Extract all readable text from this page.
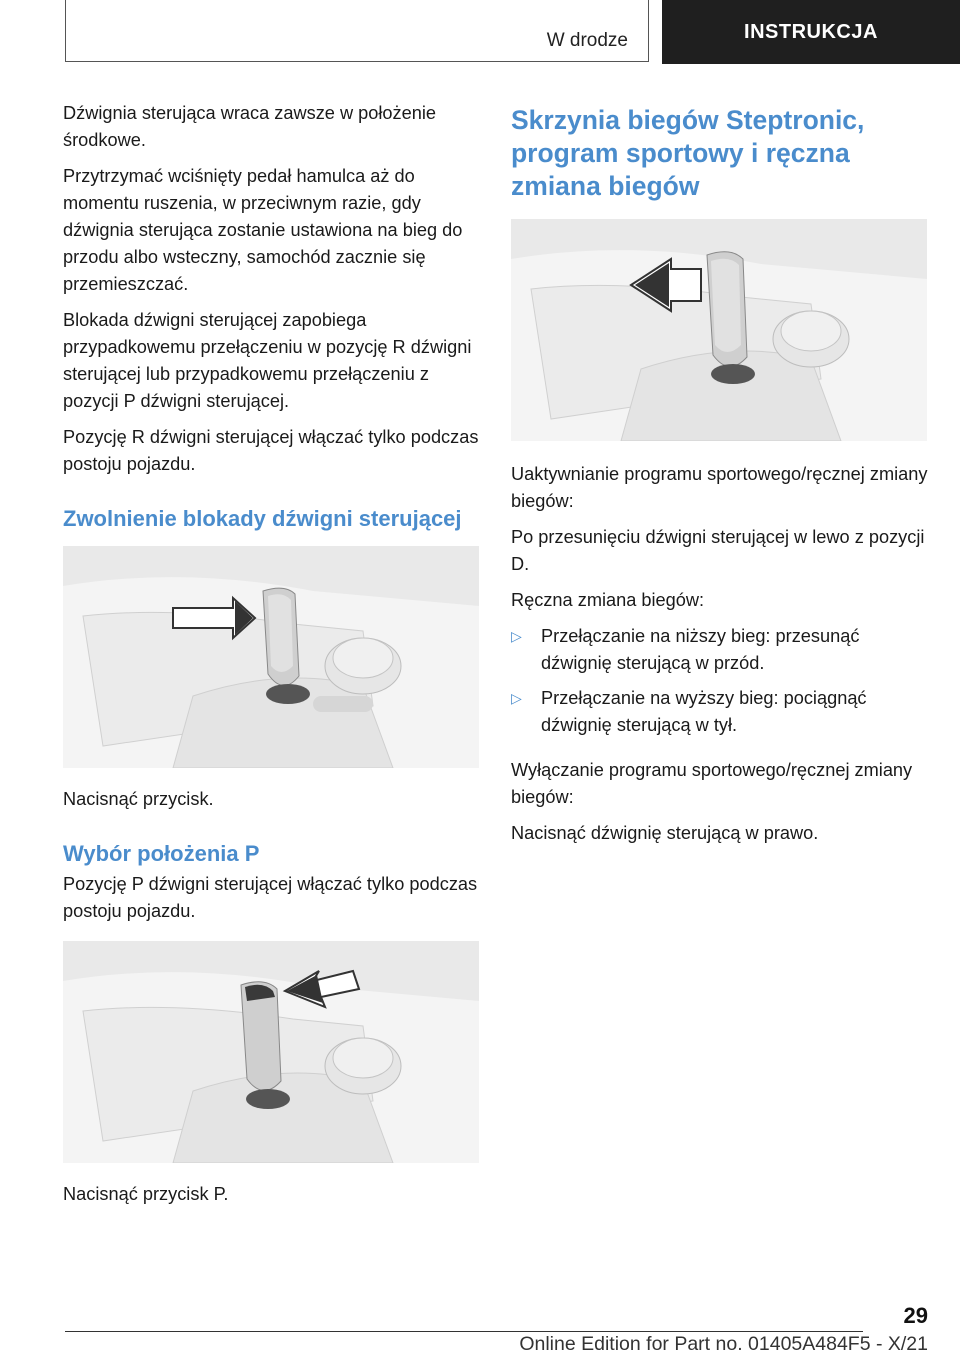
W drodze	INSTRUKCJA

Dźwignia sterująca wraca zawsze w położenie środkowe.

Przytrzymać wciśnięty pedał hamulca aż do momentu ruszenia, w przeciwnym razie, gdy dźwignia sterująca zostanie ustawiona na bieg do przodu albo wsteczny, samochód zacznie się przemieszczać.

Blokada dźwigni sterującej zapobiega przypadkowemu przełączeniu w pozycję R dźwigni sterującej lub przypadkowemu przełączeniu z pozycji P dźwigni sterującej.

Pozycję R dźwigni sterującej włączać tylko podczas postoju pojazdu.

Zwolnienie blokady dźwigni sterującej

Nacisnąć przycisk.

Wybór położenia P

Pozycję P dźwigni sterującej włączać tylko podczas postoju pojazdu.

Nacisnąć przycisk P.

Skrzynia biegów Steptronic, program sportowy i ręczna zmiana biegów

Uaktywnianie programu sportowego/ręcznej zmiany biegów:

Po przesunięciu dźwigni sterującej w lewo z pozycji D.

Ręczna zmiana biegów:

▷ Przełączanie na niższy bieg: przesunąć dźwignię sterującą w przód.
▷ Przełączanie na wyższy bieg: pociągnąć dźwignię sterującą w tył.

Wyłączanie programu sportowego/ręcznej zmiany biegów:

Nacisnąć dźwignię sterującą w prawo.

29
Online Edition for Part no. 01405A484F5 - X/21
